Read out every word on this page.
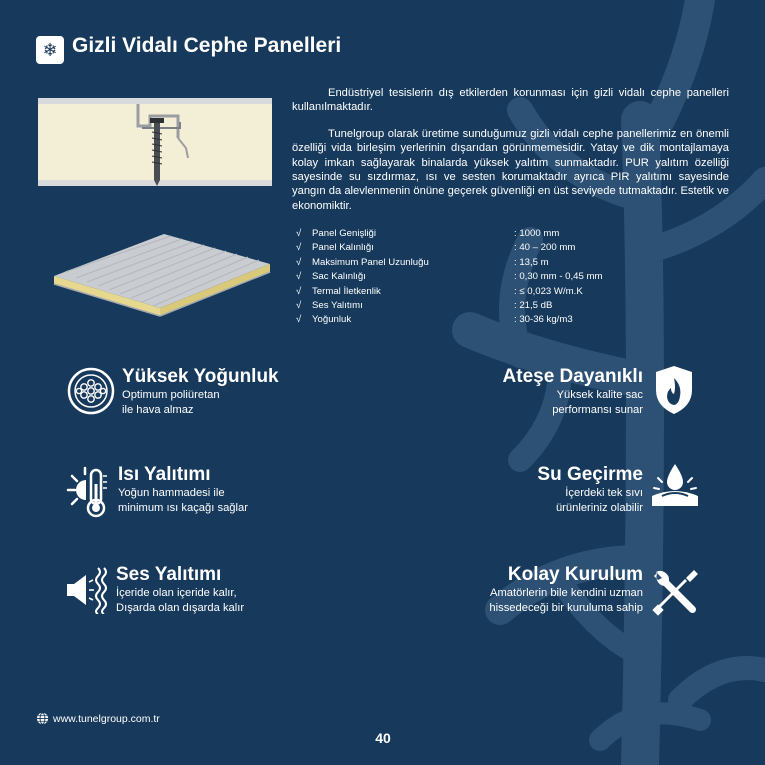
❄ Gizli Vidalı Cephe Panelleri

Endüstriyel tesislerin dış etkilerden korunması için gizli vidalı cephe panelleri kullanılmaktadır.

Tunelgroup olarak üretime sunduğumuz gizli vidalı cephe panellerimiz en önemli özelliği vida birleşim yerlerinin dışarıdan görünmemesidir. Yatay ve dik montajlamaya kolay imkan sağlayarak binalarda yüksek yalıtım sunmaktadır. PUR yalıtım özelliği sayesinde su sızdırmaz, ısı ve sesten korumaktadır ayrıca PIR yalıtımı sayesinde yangın da alevlenmenin önüne geçerek güvenliği en üst seviyede tutmaktadır. Estetik ve ekonomiktir.

√	Panel Genişliği	: 1000 mm
√	Panel Kalınlığı	: 40 – 200 mm
√	Maksimum Panel Uzunluğu	: 13,5 m
√	Sac Kalınlığı	: 0,30 mm - 0,45 mm
√	Termal İletkenlik	: ≤ 0,023 W/m.K
√	Ses Yalıtımı	: 21,5 dB
√	Yoğunluk	: 30-36 kg/m3
Yüksek Yoğunluk
Optimum poliüretan
ile hava almaz
Ateşe Dayanıklı
Yüksek kalite sac
performansı sunar
Isı Yalıtımı
Yoğun hammadesi ile
minimum ısı kaçağı sağlar
Su Geçirme
İçerdeki tek sıvı
ürünleriniz olabilir
Ses Yalıtımı
İçeride olan içeride kalır,
Dışarda olan dışarda kalır
Kolay Kurulum
Amatörlerin bile kendini uzman
hissedeceği bir kuruluma sahip
www.tunelgroup.com.tr
40
